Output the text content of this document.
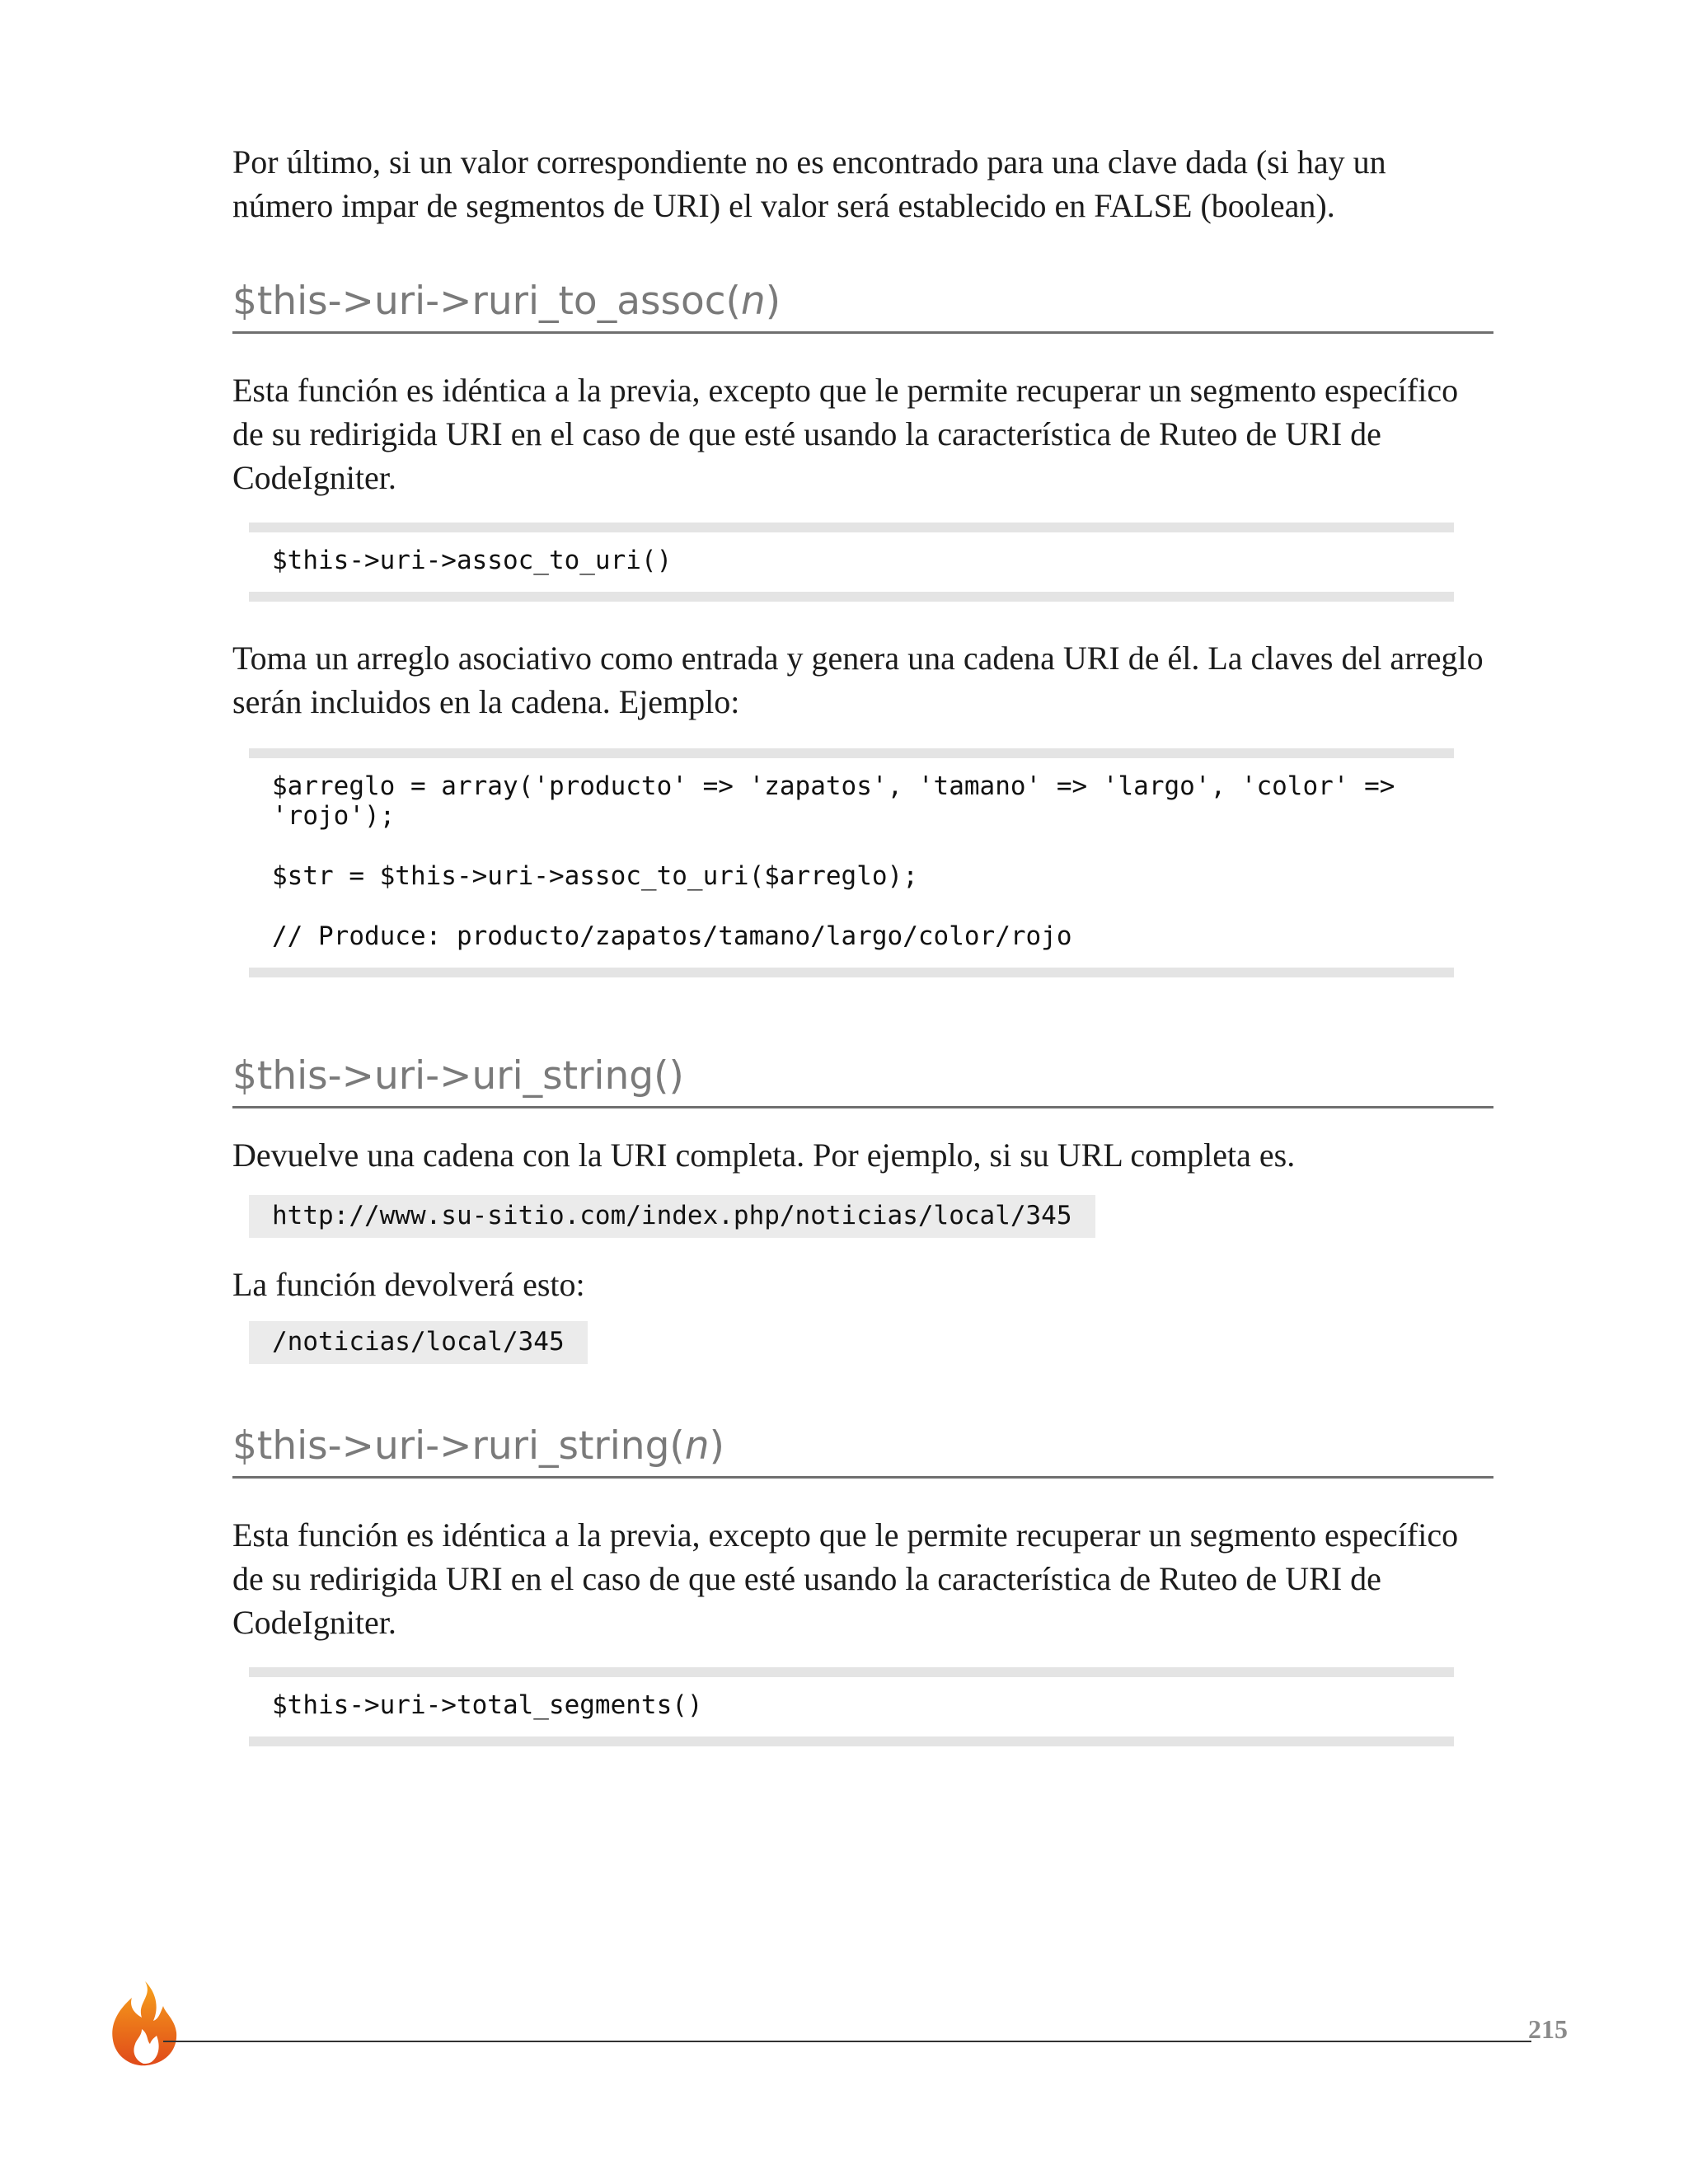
Por último, si un valor correspondiente no es encontrado para una clave dada (si hay un número impar de segmentos de URI) el valor será establecido en FALSE (boolean).

$this->uri->ruri_to_assoc(n)

Esta función es idéntica a la previa, excepto que le permite recuperar un segmento específico de su redirigida URI en el caso de que esté usando la característica de Ruteo de URI de CodeIgniter.

$this->uri->assoc_to_uri()

Toma un arreglo asociativo como entrada y genera una cadena URI de él. La claves del arreglo serán incluidos en la cadena. Ejemplo:

$arreglo = array('producto' => 'zapatos', 'tamano' => 'largo', 'color' =>
'rojo');
$str = $this->uri->assoc_to_uri($arreglo);
// Produce: producto/zapatos/tamano/largo/color/rojo
$this->uri->uri_string()

Devuelve una cadena con la URI completa. Por ejemplo, si su URL completa es.

http://www.su-sitio.com/index.php/noticias/local/345

La función devolverá esto:

/noticias/local/345
$this->uri->ruri_string(n)

Esta función es idéntica a la previa, excepto que le permite recuperar un segmento específico de su redirigida URI en el caso de que esté usando la característica de Ruteo de URI de CodeIgniter.

$this->uri->total_segments()
215
